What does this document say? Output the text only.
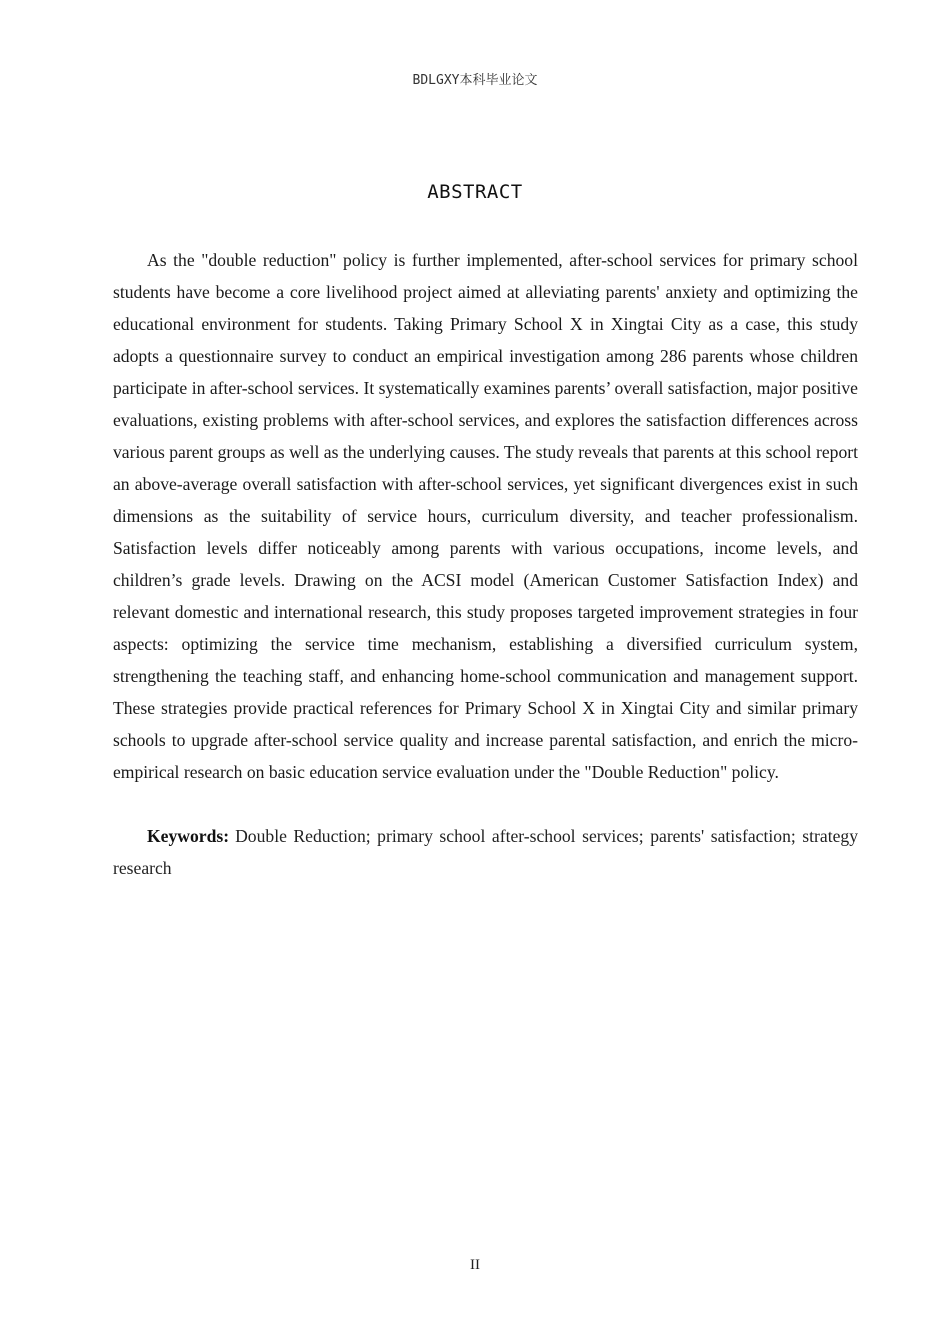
BDLGXY本科毕业论文
ABSTRACT

As the "double reduction" policy is further implemented, after-school services for primary school students have become a core livelihood project aimed at alleviating parents' anxiety and optimizing the educational environment for students. Taking Primary School X in Xingtai City as a case, this study adopts a questionnaire survey to conduct an empirical investigation among 286 parents whose children participate in after-school services. It systematically examines parents’ overall satisfaction, major positive evaluations, existing problems with after-school services, and explores the satisfaction differences across various parent groups as well as the underlying causes. The study reveals that parents at this school report an above-average overall satisfaction with after-school services, yet significant divergences exist in such dimensions as the suitability of service hours, curriculum diversity, and teacher professionalism. Satisfaction levels differ noticeably among parents with various occupations, income levels, and children’s grade levels. Drawing on the ACSI model (American Customer Satisfaction Index) and relevant domestic and international research, this study proposes targeted improvement strategies in four aspects: optimizing the service time mechanism, establishing a diversified curriculum system, strengthening the teaching staff, and enhancing home-school communication and management support. These strategies provide practical references for Primary School X in Xingtai City and similar primary schools to upgrade after-school service quality and increase parental satisfaction, and enrich the micro-empirical research on basic education service evaluation under the "Double Reduction" policy.

Keywords: Double Reduction; primary school after-school services; parents' satisfaction; strategy research

II
